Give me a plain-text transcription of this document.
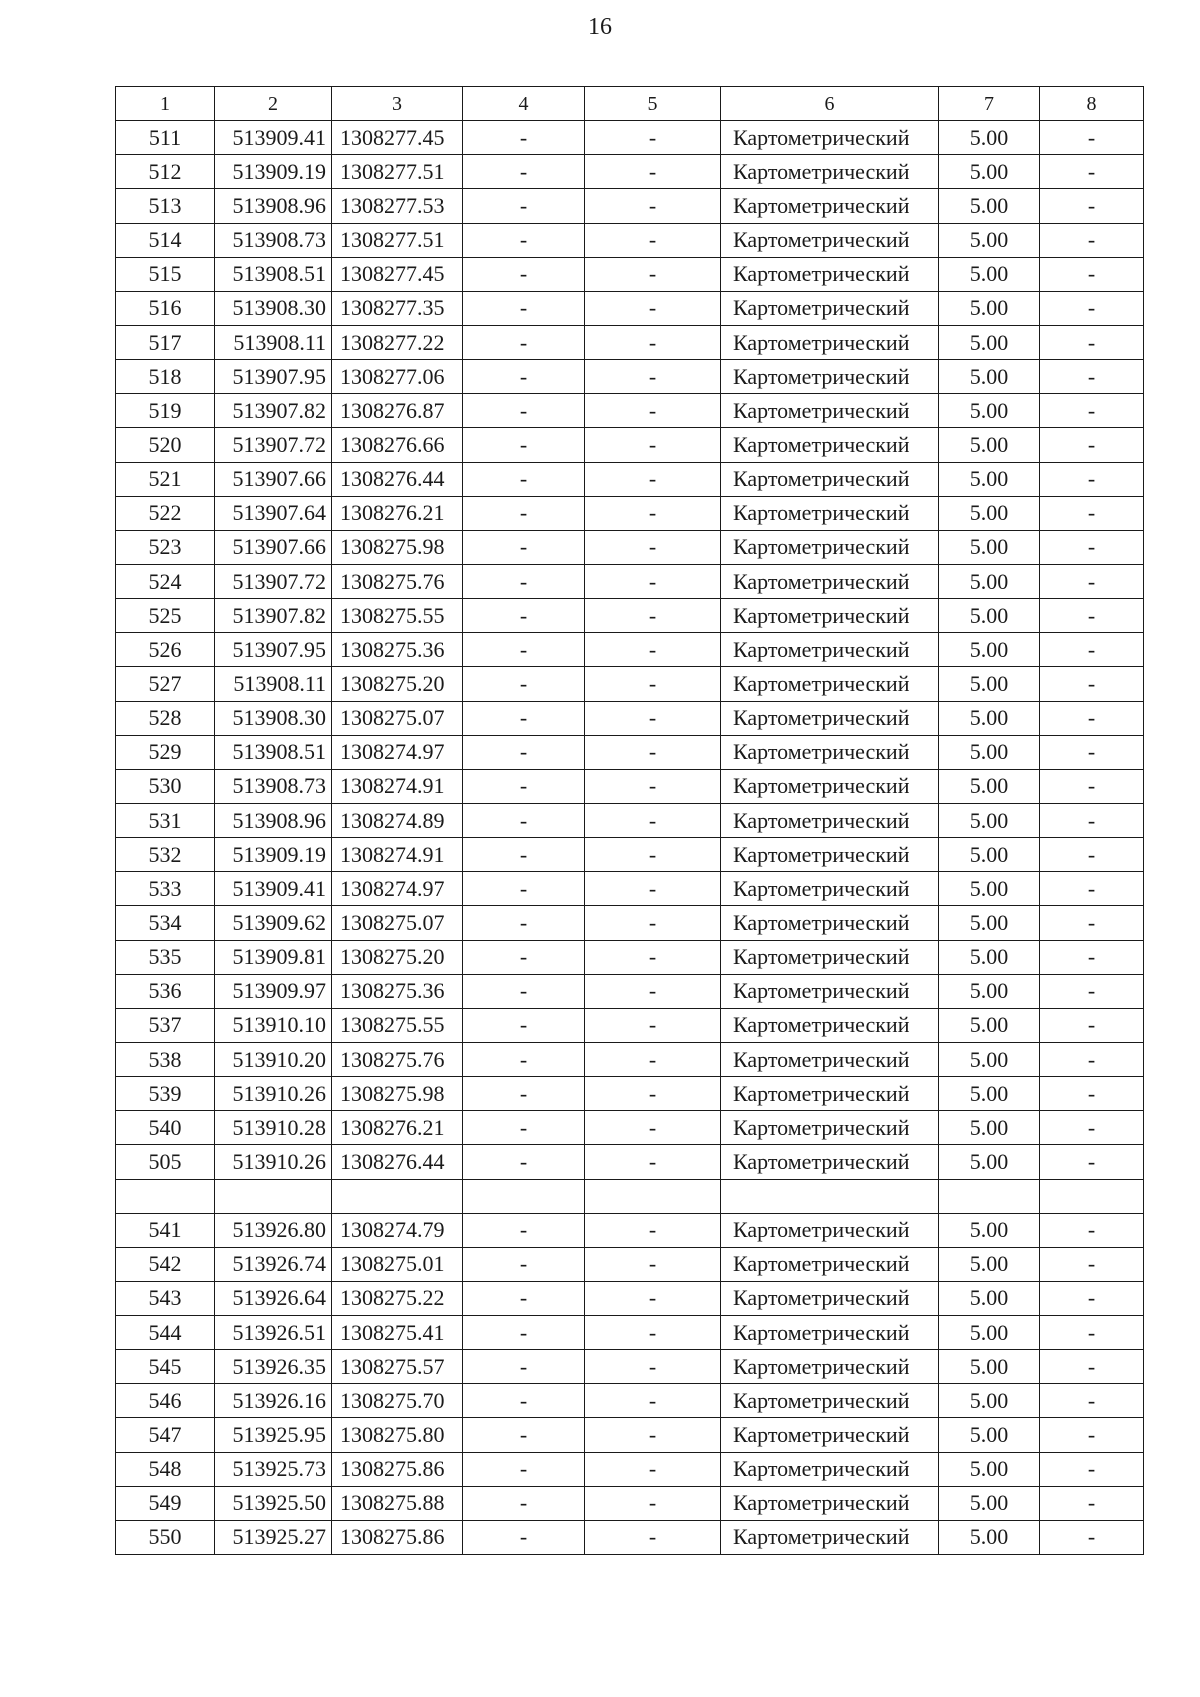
16
1	2	3	4	5	6	7	8
511	513909.41	1308277.45	-	-	Картометрический	5.00	-
512	513909.19	1308277.51	-	-	Картометрический	5.00	-
513	513908.96	1308277.53	-	-	Картометрический	5.00	-
514	513908.73	1308277.51	-	-	Картометрический	5.00	-
515	513908.51	1308277.45	-	-	Картометрический	5.00	-
516	513908.30	1308277.35	-	-	Картометрический	5.00	-
517	513908.11	1308277.22	-	-	Картометрический	5.00	-
518	513907.95	1308277.06	-	-	Картометрический	5.00	-
519	513907.82	1308276.87	-	-	Картометрический	5.00	-
520	513907.72	1308276.66	-	-	Картометрический	5.00	-
521	513907.66	1308276.44	-	-	Картометрический	5.00	-
522	513907.64	1308276.21	-	-	Картометрический	5.00	-
523	513907.66	1308275.98	-	-	Картометрический	5.00	-
524	513907.72	1308275.76	-	-	Картометрический	5.00	-
525	513907.82	1308275.55	-	-	Картометрический	5.00	-
526	513907.95	1308275.36	-	-	Картометрический	5.00	-
527	513908.11	1308275.20	-	-	Картометрический	5.00	-
528	513908.30	1308275.07	-	-	Картометрический	5.00	-
529	513908.51	1308274.97	-	-	Картометрический	5.00	-
530	513908.73	1308274.91	-	-	Картометрический	5.00	-
531	513908.96	1308274.89	-	-	Картометрический	5.00	-
532	513909.19	1308274.91	-	-	Картометрический	5.00	-
533	513909.41	1308274.97	-	-	Картометрический	5.00	-
534	513909.62	1308275.07	-	-	Картометрический	5.00	-
535	513909.81	1308275.20	-	-	Картометрический	5.00	-
536	513909.97	1308275.36	-	-	Картометрический	5.00	-
537	513910.10	1308275.55	-	-	Картометрический	5.00	-
538	513910.20	1308275.76	-	-	Картометрический	5.00	-
539	513910.26	1308275.98	-	-	Картометрический	5.00	-
540	513910.28	1308276.21	-	-	Картометрический	5.00	-
505	513910.26	1308276.44	-	-	Картометрический	5.00	-

541	513926.80	1308274.79	-	-	Картометрический	5.00	-
542	513926.74	1308275.01	-	-	Картометрический	5.00	-
543	513926.64	1308275.22	-	-	Картометрический	5.00	-
544	513926.51	1308275.41	-	-	Картометрический	5.00	-
545	513926.35	1308275.57	-	-	Картометрический	5.00	-
546	513926.16	1308275.70	-	-	Картометрический	5.00	-
547	513925.95	1308275.80	-	-	Картометрический	5.00	-
548	513925.73	1308275.86	-	-	Картометрический	5.00	-
549	513925.50	1308275.88	-	-	Картометрический	5.00	-
550	513925.27	1308275.86	-	-	Картометрический	5.00	-
